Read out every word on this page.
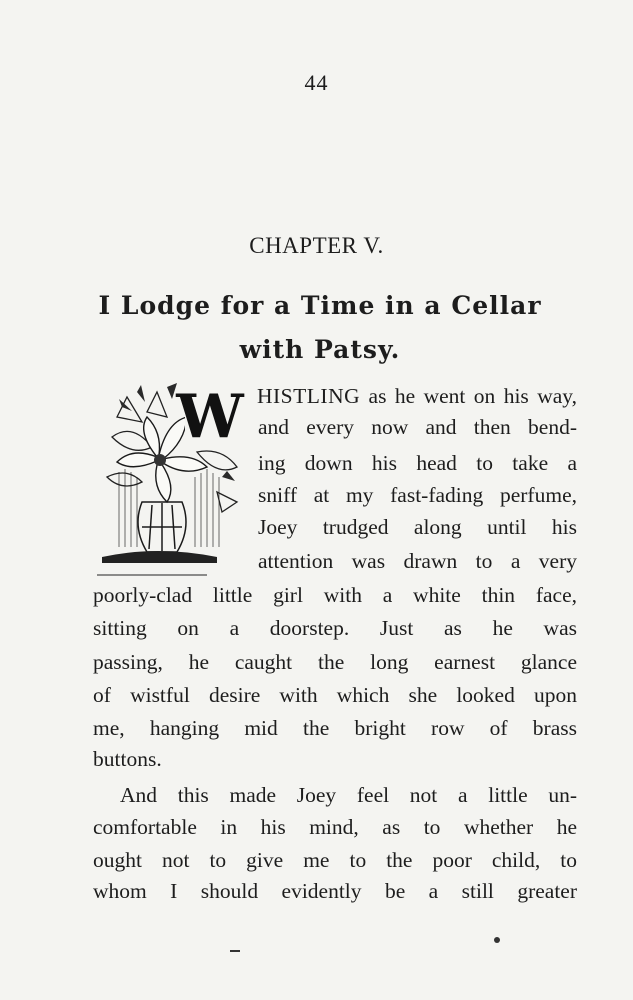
44
CHAPTER V.
I Lodge for a Time in a Cellar
with Patsy.
W HISTLING as he went on his way,
and every now and then bend-
ing down his head to take a
sniff at my fast-fading perfume,
Joey trudged along until his
attention was drawn to a very
poorly-clad little girl with a white thin face,
sitting on a doorstep. Just as he was
passing, he caught the long earnest glance
of wistful desire with which she looked upon
me, hanging mid the bright row of brass
buttons.
And this made Joey feel not a little un-
comfortable in his mind, as to whether he
ought not to give me to the poor child, to
whom I should evidently be a still greater
